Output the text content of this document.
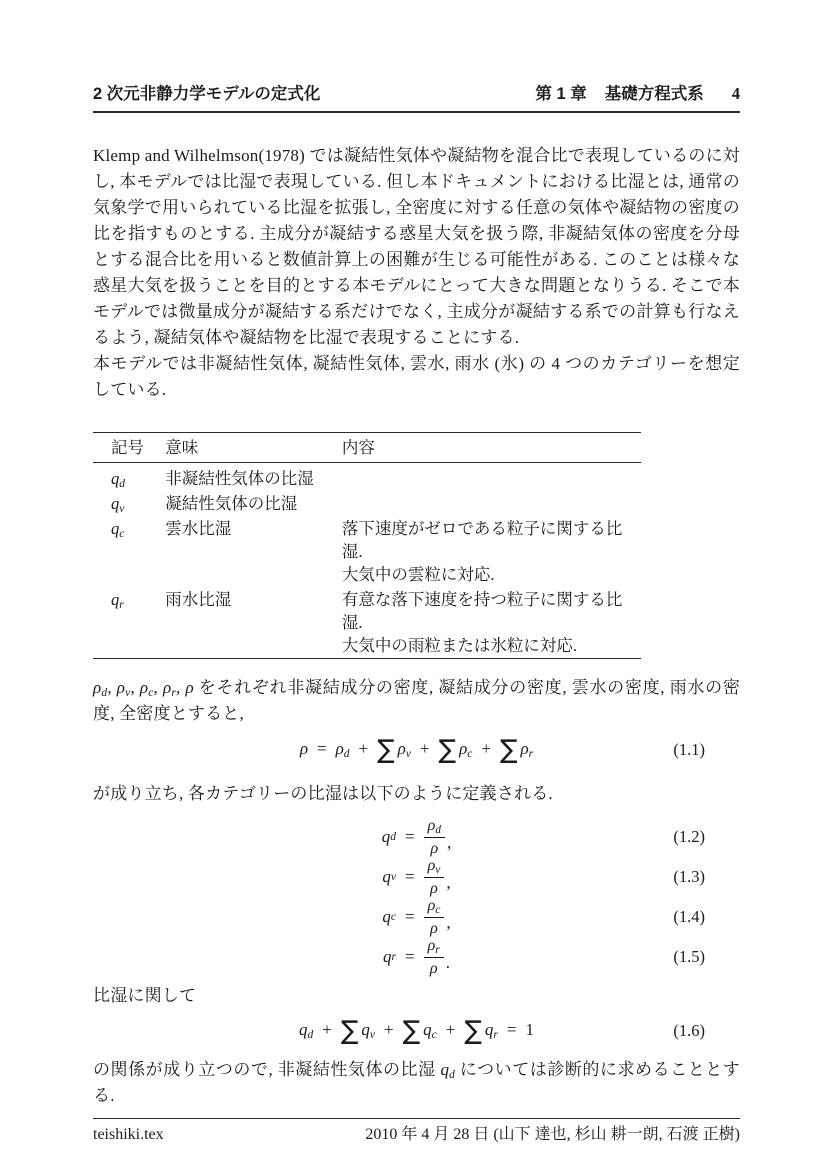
2 次元非静力学モデルの定式化	第 1 章 基礎方程式系 4

Klemp and Wilhelmson(1978) では凝結性気体や凝結物を混合比で表現しているのに対し, 本モデルでは比湿で表現している. 但し本ドキュメントにおける比湿とは, 通常の気象学で用いられている比湿を拡張し, 全密度に対する任意の気体や凝結物の密度の比を指すものとする. 主成分が凝結する惑星大気を扱う際, 非凝結気体の密度を分母とする混合比を用いると数値計算上の困難が生じる可能性がある. このことは様々な惑星大気を扱うことを目的とする本モデルにとって大きな問題となりうる. そこで本モデルでは微量成分が凝結する系だけでなく, 主成分が凝結する系での計算も行なえるよう, 凝結気体や凝結物を比湿で表現することにする.

本モデルでは非凝結性気体, 凝結性気体, 雲水, 雨水 (氷) の 4 つのカテゴリーを想定している.

記号	意味	内容
$q_d$	非凝結性気体の比湿	

$q_v$	凝結性気体の比湿	

$q_c$	雲水比湿	落下速度がゼロである粒子に関する比湿.
大気中の雲粒に対応.

$q_r$	雨水比湿	有意な落下速度を持つ粒子に関する比湿.
大気中の雨粒または氷粒に対応.

$\rho_d$, $\rho_v$, $\rho_c$, $\rho_r$, ρ をそれぞれ非凝結成分の密度, 凝結成分の密度, 雲水の密度, 雨水の密度, 全密度とすると,

$\rho = \rho_d$ + ∑ $\rho_v$ + ∑ $\rho_c$ + ∑ $\rho_r$	(1.1)

が成り立ち, 各カテゴリーの比湿は以下のように定義される.

q $d = \frac{\rho_d}{\rho}$ ,	(1.2)
q $v = \frac{\rho_v}{\rho}$ ,	(1.3)
q $c = \frac{\rho_c}{\rho}$ ,	(1.4)
q $r = \frac{\rho_r}{\rho}$ .	(1.5)

比湿に関して

$q_d$ + ∑ $q_v$ + ∑ $q_c$ + ∑ $q_r = 1$	(1.6)

の関係が成り立つので, 非凝結性気体の比湿 $q_d$ については診断的に求めることとする.

teishiki.tex	2010 年 4 月 28 日 (山下 達也, 杉山 耕一朗, 石渡 正樹)
